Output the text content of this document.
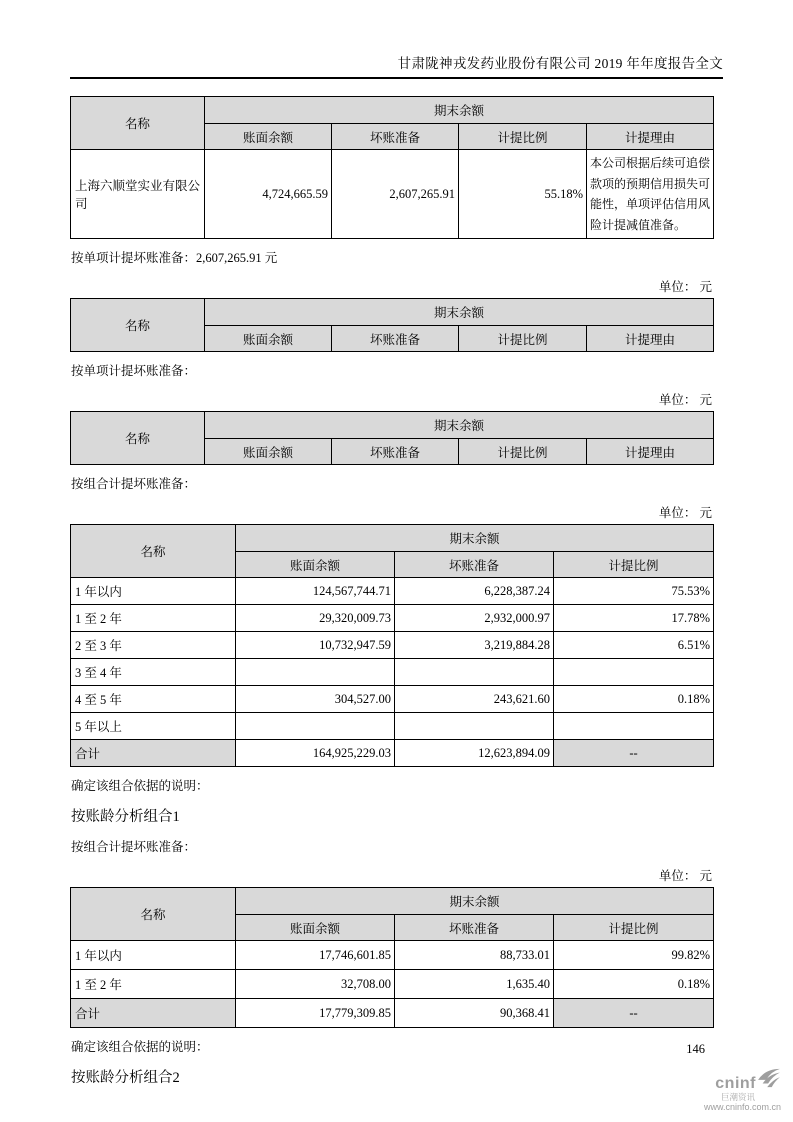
甘肃陇神戎发药业股份有限公司 2019 年年度报告全文
名称	期末余额			
	账面余额	坏账准备	计提比例	计提理由
上海六顺堂实业有限公司	4,724,665.59	2,607,265.91	55.18%	本公司根据后续可追偿款项的预期信用损失可能性，单项评估信用风险计提减值准备。

按单项计提坏账准备：2,607,265.91 元

单位： 元

名称	期末余额			
	账面余额	坏账准备	计提比例	计提理由

按单项计提坏账准备：

单位： 元

名称	期末余额			
	账面余额	坏账准备	计提比例	计提理由

按组合计提坏账准备：

单位： 元

名称	期末余额		
	账面余额	坏账准备	计提比例
1 年以内	124,567,744.71	6,228,387.24	75.53%
1 至 2 年	29,320,009.73	2,932,000.97	17.78%
2 至 3 年	10,732,947.59	3,219,884.28	6.51%
3 至 4 年			
4 至 5 年	304,527.00	243,621.60	0.18%
5 年以上			
合计	164,925,229.03	12,623,894.09	--

确定该组合依据的说明：

按账龄分析组合1

按组合计提坏账准备：

单位： 元

名称	期末余额		
	账面余额	坏账准备	计提比例
1 年以内	17,746,601.85	88,733.01	99.82%
1 至 2 年	32,708.00	1,635.40	0.18%
合计	17,779,309.85	90,368.41	--

确定该组合依据的说明：

按账龄分析组合2

146
cninf
巨潮资讯
www.cninfo.com.cn
